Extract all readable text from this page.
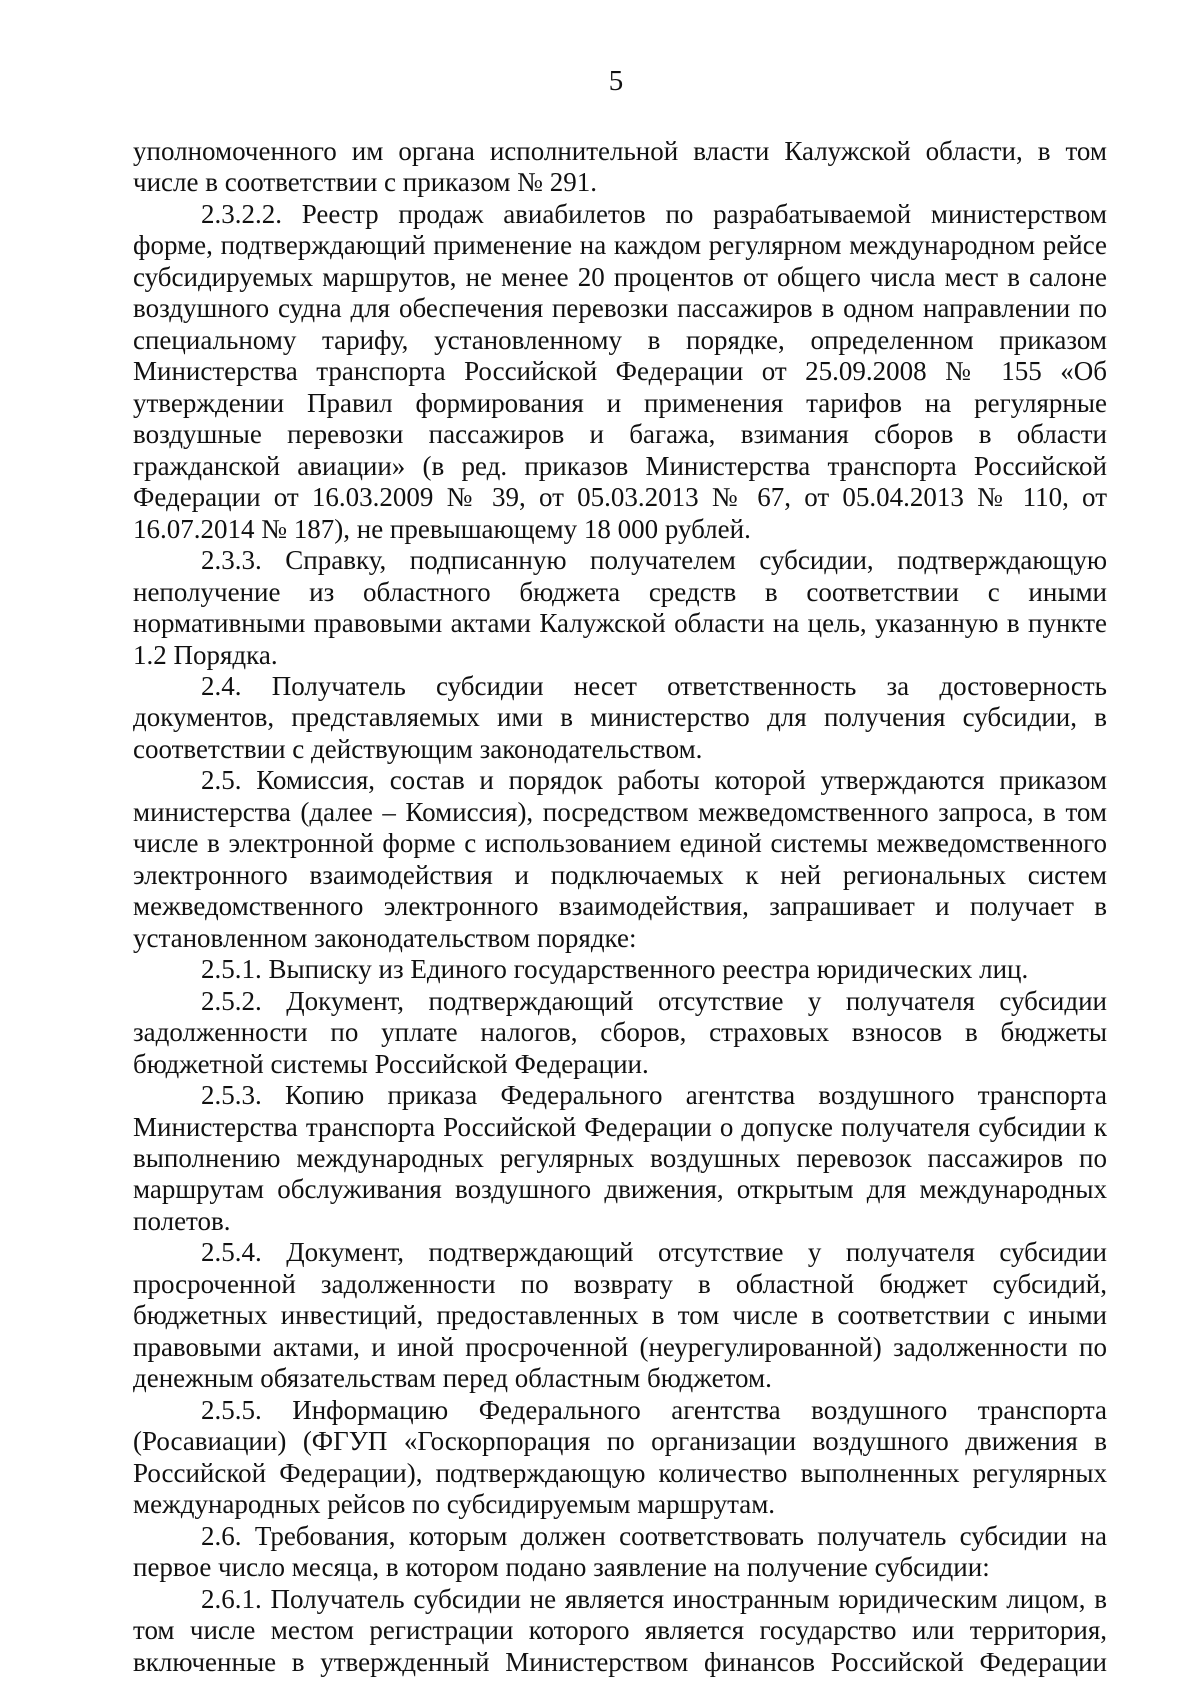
5

уполномоченного им органа исполнительной власти Калужской области, в том числе в соответствии с приказом № 291.

2.3.2.2. Реестр продаж авиабилетов по разрабатываемой министерством форме, подтверждающий применение на каждом регулярном международном рейсе субсидируемых маршрутов, не менее 20 процентов от общего числа мест в салоне воздушного судна для обеспечения перевозки пассажиров в одном направлении по специальному тарифу, установленному в порядке, определенном приказом Министерства транспорта Российской Федерации от 25.09.2008 № 155 «Об утверждении Правил формирования и применения тарифов на регулярные воздушные перевозки пассажиров и багажа, взимания сборов в области гражданской авиации» (в ред. приказов Министерства транспорта Российской Федерации от 16.03.2009 № 39, от 05.03.2013 № 67, от 05.04.2013 № 110, от 16.07.2014 № 187), не превышающему 18 000 рублей.

2.3.3. Справку, подписанную получателем субсидии, подтверждающую неполучение из областного бюджета средств в соответствии с иными нормативными правовыми актами Калужской области на цель, указанную в пункте 1.2 Порядка.

2.4. Получатель субсидии несет ответственность за достоверность документов, представляемых ими в министерство для получения субсидии, в соответствии с действующим законодательством.

2.5. Комиссия, состав и порядок работы которой утверждаются приказом министерства (далее – Комиссия), посредством межведомственного запроса, в том числе в электронной форме с использованием единой системы межведомственного электронного взаимодействия и подключаемых к ней региональных систем межведомственного электронного взаимодействия, запрашивает и получает в установленном законодательством порядке:

2.5.1. Выписку из Единого государственного реестра юридических лиц.

2.5.2. Документ, подтверждающий отсутствие у получателя субсидии задолженности по уплате налогов, сборов, страховых взносов в бюджеты бюджетной системы Российской Федерации.

2.5.3. Копию приказа Федерального агентства воздушного транспорта Министерства транспорта Российской Федерации о допуске получателя субсидии к выполнению международных регулярных воздушных перевозок пассажиров по маршрутам обслуживания воздушного движения, открытым для международных полетов.

2.5.4. Документ, подтверждающий отсутствие у получателя субсидии просроченной задолженности по возврату в областной бюджет субсидий, бюджетных инвестиций, предоставленных в том числе в соответствии с иными правовыми актами, и иной просроченной (неурегулированной) задолженности по денежным обязательствам перед областным бюджетом.

2.5.5. Информацию Федерального агентства воздушного транспорта (Росавиации) (ФГУП «Госкорпорация по организации воздушного движения в Российской Федерации), подтверждающую количество выполненных регулярных международных рейсов по субсидируемым маршрутам.

2.6. Требования, которым должен соответствовать получатель субсидии на первое число месяца, в котором подано заявление на получение субсидии:

2.6.1. Получатель субсидии не является иностранным юридическим лицом, в том числе местом регистрации которого является государство или территория, включенные в утвержденный Министерством финансов Российской Федерации
